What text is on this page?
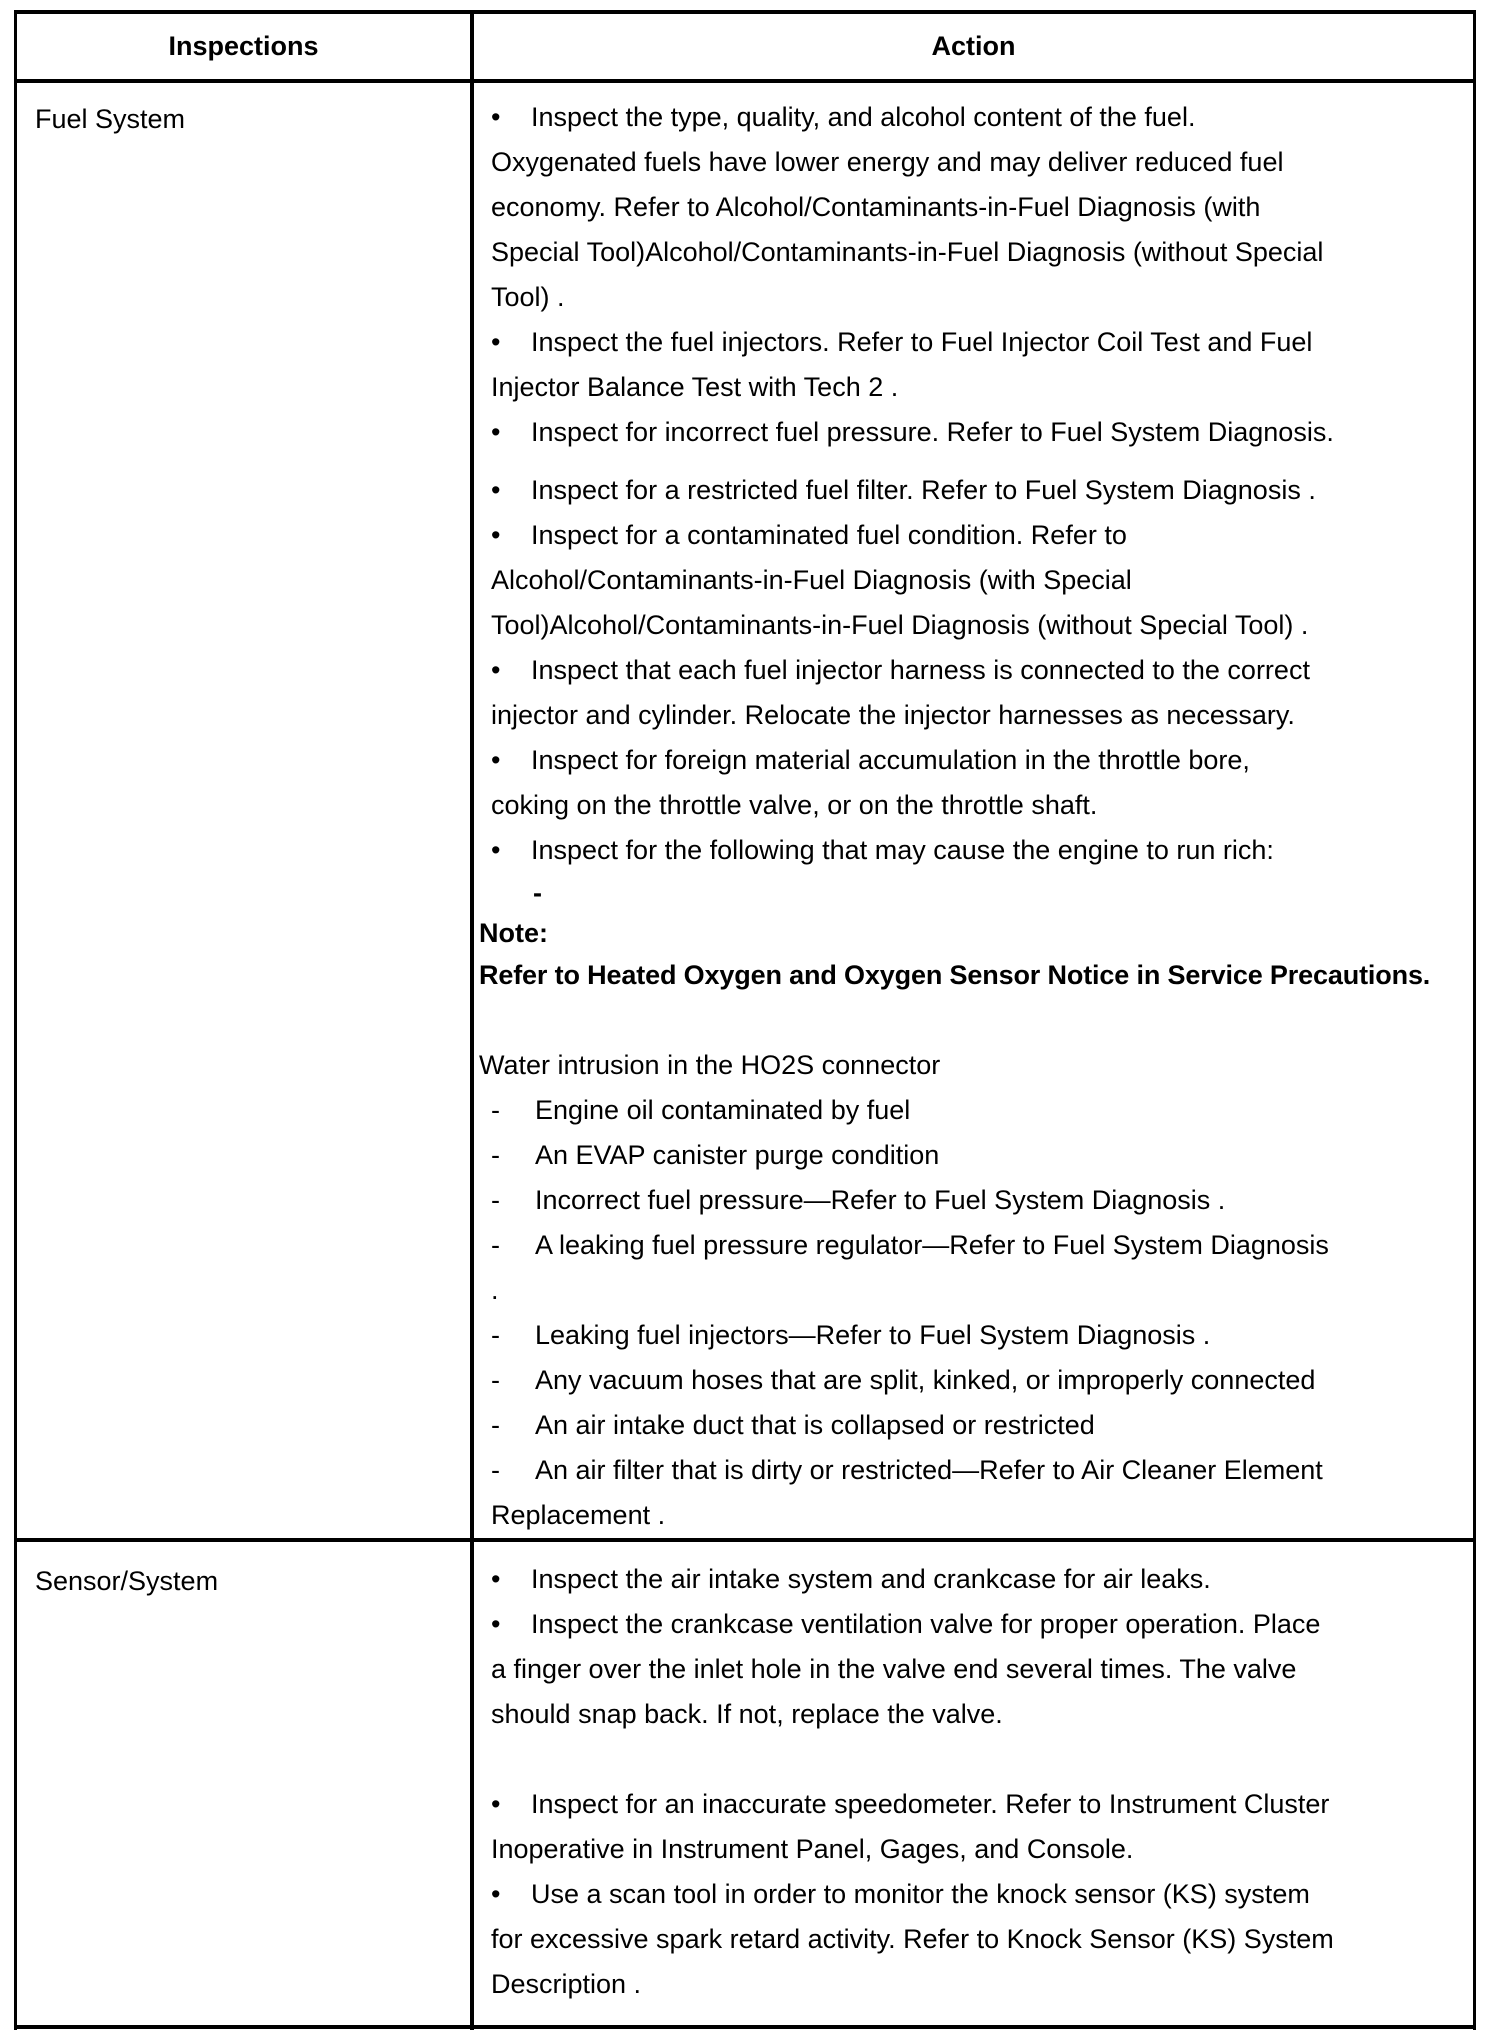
Inspections	Action
Fuel System	• Inspect the type, quality, and alcohol content of the fuel.
Oxygenated fuels have lower energy and may deliver reduced fuel
economy. Refer to Alcohol/Contaminants-in-Fuel Diagnosis (with
Special Tool)Alcohol/Contaminants-in-Fuel Diagnosis (without Special
Tool) .
• Inspect the fuel injectors. Refer to Fuel Injector Coil Test and Fuel
Injector Balance Test with Tech 2 .
• Inspect for incorrect fuel pressure. Refer to Fuel System Diagnosis.
• Inspect for a restricted fuel filter. Refer to Fuel System Diagnosis .
• Inspect for a contaminated fuel condition. Refer to
Alcohol/Contaminants-in-Fuel Diagnosis (with Special
Tool)Alcohol/Contaminants-in-Fuel Diagnosis (without Special Tool) .
• Inspect that each fuel injector harness is connected to the correct
injector and cylinder. Relocate the injector harnesses as necessary.
• Inspect for foreign material accumulation in the throttle bore,
coking on the throttle valve, or on the throttle shaft.
• Inspect for the following that may cause the engine to run rich:
-
Note:
Refer to Heated Oxygen and Oxygen Sensor Notice in Service Precautions.
Water intrusion in the HO2S connector
- Engine oil contaminated by fuel
- An EVAP canister purge condition
- Incorrect fuel pressure—Refer to Fuel System Diagnosis .
- A leaking fuel pressure regulator—Refer to Fuel System Diagnosis
.
- Leaking fuel injectors—Refer to Fuel System Diagnosis .
- Any vacuum hoses that are split, kinked, or improperly connected
- An air intake duct that is collapsed or restricted
- An air filter that is dirty or restricted—Refer to Air Cleaner Element
Replacement .
Sensor/System	• Inspect the air intake system and crankcase for air leaks.
• Inspect the crankcase ventilation valve for proper operation. Place
a finger over the inlet hole in the valve end several times. The valve
should snap back. If not, replace the valve.
• Inspect for an inaccurate speedometer. Refer to Instrument Cluster
Inoperative in Instrument Panel, Gages, and Console.
• Use a scan tool in order to monitor the knock sensor (KS) system
for excessive spark retard activity. Refer to Knock Sensor (KS) System
Description .
